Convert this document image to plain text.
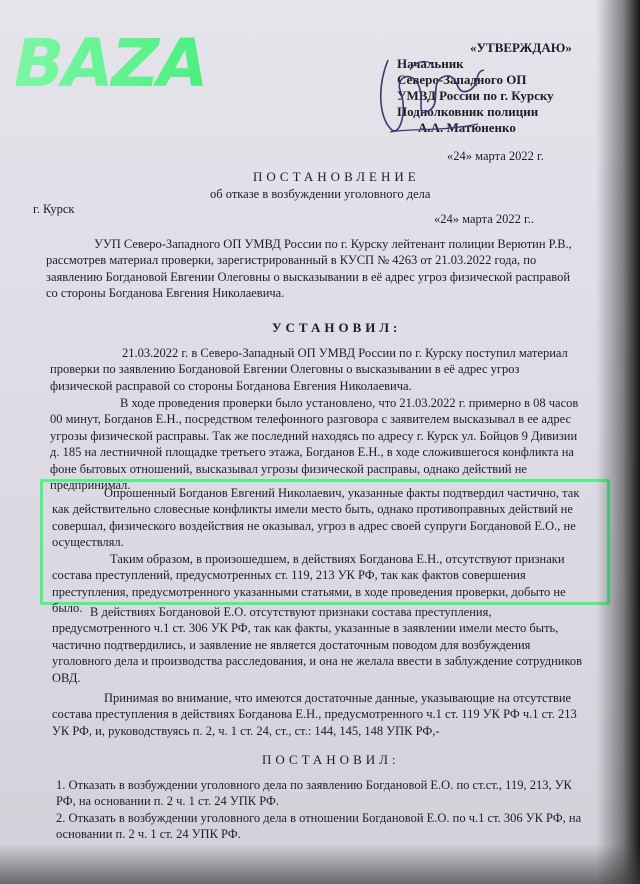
BAZA	«УТВЕРЖДАЮ»
Начальник
Северо-Западного ОП
УМВД России по г. Курску
Подполковник полиции
А.А. Матюненко
«24» марта 2022 г.
ПОСТАНОВЛЕНИЕ
об отказе в возбуждении уголовного дела
г. Курск
«24» марта 2022 г..
УУП Северо-Западного ОП УМВД России по г. Курску лейтенант полиции Верютин Р.В.,
рассмотрев материал проверки, зарегистрированный в КУСП № 4263 от 21.03.2022 года, по
заявлению Богдановой Евгении Олеговны о высказывании в её адрес угроз физической расправой
со стороны Богданова Евгения Николаевича.
УСТАНОВИЛ:
21.03.2022 г. в Северо-Западный ОП УМВД России по г. Курску поступил материал
проверки по заявлению Богдановой Евгении Олеговны о высказывании в её адрес угроз
физической расправой со стороны Богданова Евгения Николаевича.
В ходе проведения проверки было установлено, что 21.03.2022 г. примерно в 08 часов
00 минут, Богданов Е.Н., посредством телефонного разговора с заявителем высказывал в ее адрес
угрозы физической расправы. Так же последний находясь по адресу г. Курск ул. Бойцов 9 Дивизии
д. 185 на лестничной площадке третьего этажа, Богданов Е.Н., в ходе сложившегося конфликта на
фоне бытовых отношений, высказывал угрозы физической расправы, однако действий не
предпринимал.
Опрошенный Богданов Евгений Николаевич, указанные факты подтвердил частично, так
как действительно словесные конфликты имели место быть, однако противоправных действий не
совершал, физического воздействия не оказывал, угроз в адрес своей супруги Богдановой Е.О., не
осуществлял.
Таким образом, в произошедшем, в действиях Богданова Е.Н., отсутствуют признаки
состава преступлений, предусмотренных ст. 119, 213 УК РФ, так как фактов совершения
преступления, предусмотренного указанными статьями, в ходе проведения проверки, добыто не
было. В действиях Богдановой Е.О. отсутствуют признаки состава преступления,
предусмотренного ч.1 ст. 306 УК РФ, так как факты, указанные в заявлении имели место быть,
частично подтвердились, и заявление не является достаточным поводом для возбуждения
уголовного дела и производства расследования, и она не желала ввести в заблуждение сотрудников
ОВД.
Принимая во внимание, что имеются достаточные данные, указывающие на отсутствие
состава преступления в действиях Богданова Е.Н., предусмотренного ч.1 ст. 119 УК РФ ч.1 ст. 213
УК РФ, и, руководствуясь п. 2, ч. 1 ст. 24, ст., ст.: 144, 145, 148 УПК РФ,-
ПОСТАНОВИЛ:
1. Отказать в возбуждении уголовного дела по заявлению Богдановой Е.О. по ст.ст., 119, 213, УК
РФ, на основании п. 2 ч. 1 ст. 24 УПК РФ.
2. Отказать в возбуждении уголовного дела в отношении Богдановой Е.О. по ч.1 ст. 306 УК РФ, на
основании п. 2 ч. 1 ст. 24 УПК РФ.
